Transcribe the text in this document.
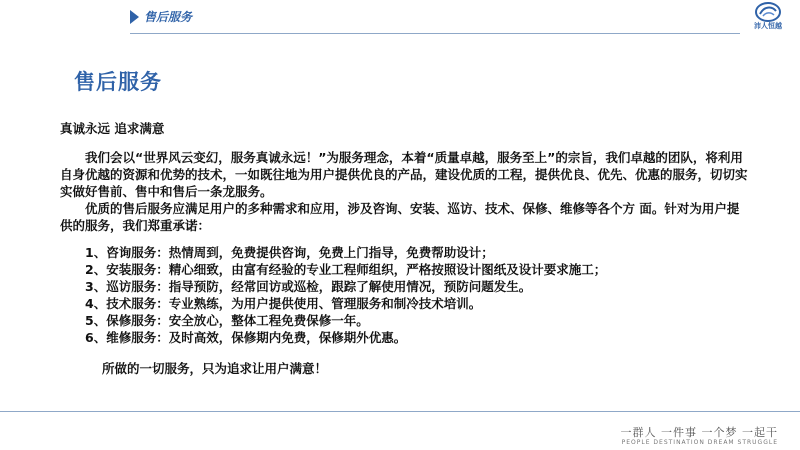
售后服务
沛人恒越
售后服务

真诚永远 追求满意

我们会以“世界风云变幻，服务真诚永远！”为服务理念，本着“质量卓越，服务至上”的宗旨，我们卓越的团队，将利用自身优越的资源和优势的技术，一如既往地为用户提供优良的产品，建设优质的工程，提供优良、优先、优惠的服务，切切实实做好售前、售中和售后一条龙服务。

优质的售后服务应满足用户的多种需求和应用，涉及咨询、安装、巡访、技术、保修、维修等各个方 面。针对为用户提供的服务，我们郑重承诺：

1、咨询服务：热情周到，免费提供咨询，免费上门指导，免费帮助设计；
2、安装服务：精心细致，由富有经验的专业工程师组织，严格按照设计图纸及设计要求施工；
3、巡访服务：指导预防，经常回访或巡检，跟踪了解使用情况，预防问题发生。
4、技术服务：专业熟练，为用户提供使用、管理服务和制冷技术培训。
5、保修服务：安全放心，整体工程免费保修一年。
6、维修服务：及时高效，保修期内免费，保修期外优惠。

所做的一切服务，只为追求让用户满意！

一群人 一件事 一个梦 一起干
PEOPLE DESTINATION DREAM STRUGGLE
